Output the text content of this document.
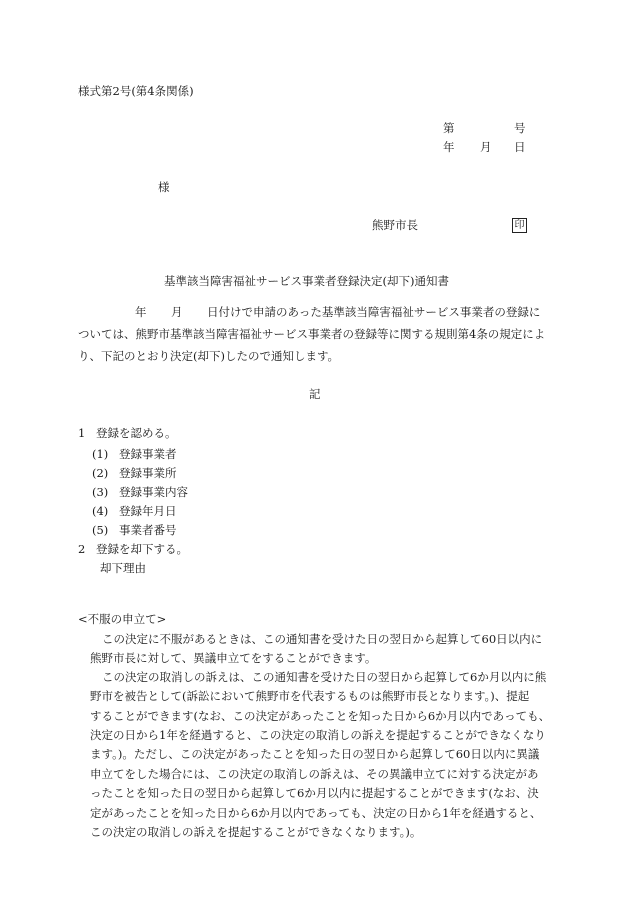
様式第2号(第4条関係)
第	号
年 月 日
様
熊野市長	印
基準該当障害福祉サービス事業者登録決定(却下)通知書
年 月 日付けで申請のあった基準該当障害福祉サービス事業者の登録に
ついては、熊野市基準該当障害福祉サービス事業者の登録等に関する規則第4条の規定によ
り、下記のとおり決定(却下)したので通知します。
記
1 登録を認める。
(1) 登録事業者
(2) 登録事業所
(3) 登録事業内容
(4) 登録年月日
(5) 事業者番号
2 登録を却下する。
却下理由
<不服の申立て>
この決定に不服があるときは、この通知書を受けた日の翌日から起算して60日以内に
熊野市長に対して、異議申立てをすることができます。
この決定の取消しの訴えは、この通知書を受けた日の翌日から起算して6か月以内に熊
野市を被告として(訴訟において熊野市を代表するものは熊野市長となります。)、提起
することができます(なお、この決定があったことを知った日から6か月以内であっても、
決定の日から1年を経過すると、この決定の取消しの訴えを提起することができなくなり
ます。)。ただし、この決定があったことを知った日の翌日から起算して60日以内に異議
申立てをした場合には、この決定の取消しの訴えは、その異議申立てに対する決定があ
ったことを知った日の翌日から起算して6か月以内に提起することができます(なお、決
定があったことを知った日から6か月以内であっても、決定の日から1年を経過すると、
この決定の取消しの訴えを提起することができなくなります。)。
